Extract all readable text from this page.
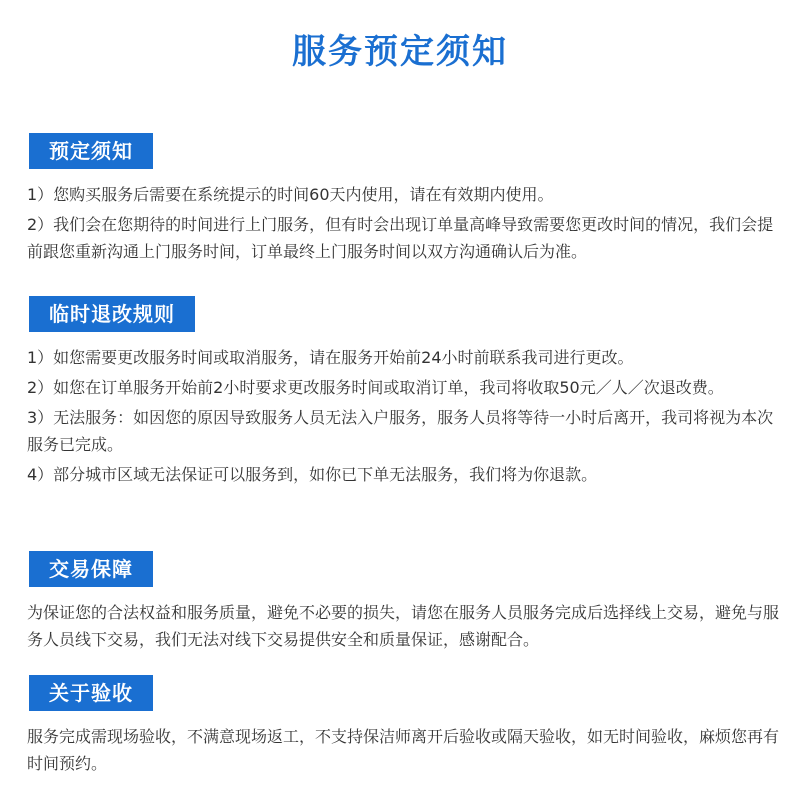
服务预定须知
预定须知
1）您购买服务后需要在系统提示的时间60天内使用，请在有效期内使用。
2）我们会在您期待的时间进行上门服务，但有时会出现订单量高峰导致需要您更改时间的情况，我们会提前跟您重新沟通上门服务时间，订单最终上门服务时间以双方沟通确认后为准。
临时退改规则
1）如您需要更改服务时间或取消服务，请在服务开始前24小时前联系我司进行更改。
2）如您在订单服务开始前2小时要求更改服务时间或取消订单，我司将收取50元／人／次退改费。
3）无法服务：如因您的原因导致服务人员无法入户服务，服务人员将等待一小时后离开，我司将视为本次服务已完成。
4）部分城市区域无法保证可以服务到，如你已下单无法服务，我们将为你退款。
交易保障
为保证您的合法权益和服务质量，避免不必要的损失，请您在服务人员服务完成后选择线上交易，避免与服务人员线下交易，我们无法对线下交易提供安全和质量保证，感谢配合。
关于验收
服务完成需现场验收，不满意现场返工，不支持保洁师离开后验收或隔天验收，如无时间验收，麻烦您再有时间预约。
